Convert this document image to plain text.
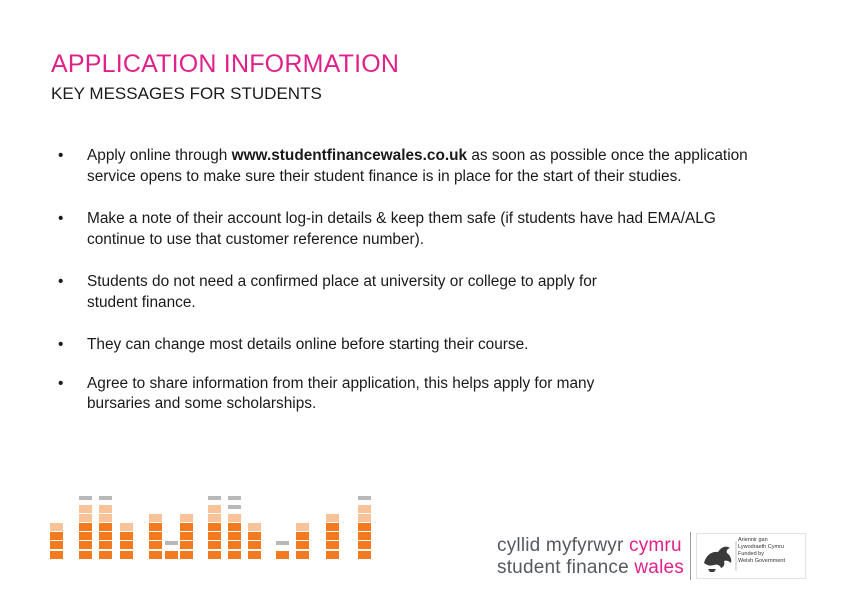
APPLICATION INFORMATION
KEY MESSAGES FOR STUDENTS
• Apply online through www.studentfinancewales.co.uk as soon as possible once the application service opens to make sure their student finance is in place for the start of their studies.
• Make a note of their account log-in details & keep them safe (if students have had EMA/ALG continue to use that customer reference number).
• Students do not need a confirmed place at university or college to apply for student finance.
• They can change most details online before starting their course.
• Agree to share information from their application, this helps apply for many bursaries and some scholarships.
cyllid myfyrwyr cymru
student finance wales
Ariennir gan
Lywodraeth Cymru
Funded by
Welsh Government
